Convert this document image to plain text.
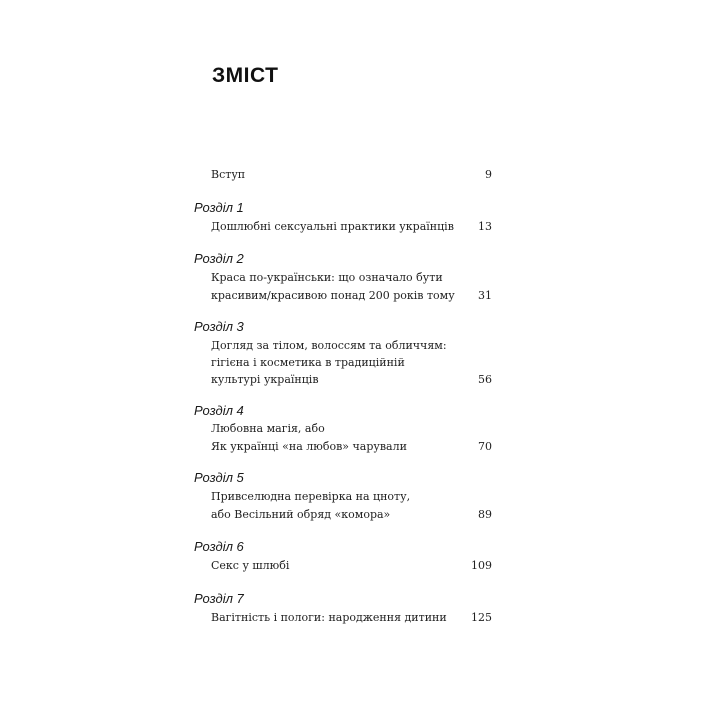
ЗМІСТ
Вступ	9
Розділ 1
Дошлюбні сексуальні практики українців 13
Розділ 2
Краса по-українськи: що означало бути
красивим/красивою понад 200 років тому 31
Розділ 3
Догляд за тілом, волоссям та обличчям:
гігієна і косметика в традиційній
культурі українців	56
Розділ 4
Любовна магія, або
Як українці «на любов» чарували	70
Розділ 5
Привселюдна перевірка на цноту,
або Весільний обряд «комора»	89
Розділ 6
Секс у шлюбі	109
Розділ 7
Вагітність і пологи: народження дитини 125
